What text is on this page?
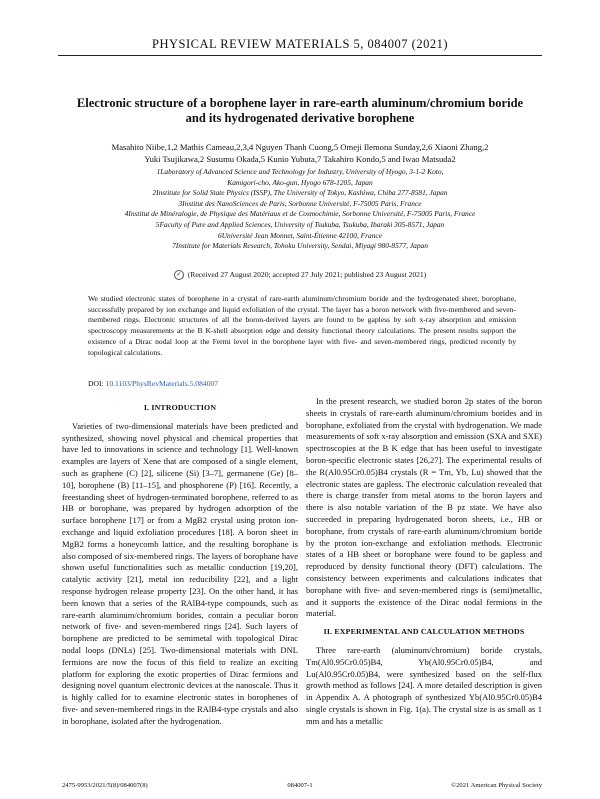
PHYSICAL REVIEW MATERIALS 5, 084007 (2021)
Electronic structure of a borophene layer in rare-earth aluminum/chromium boride
and its hydrogenated derivative borophene
Masahito Niibe,1,2 Mathis Cameau,2,3,4 Nguyen Thanh Cuong,5 Omeji Ilemona Sunday,2,6 Xiaoni Zhang,2
Yuki Tsujikawa,2 Susumu Okada,5 Kunio Yubuta,7 Takahiro Kondo,5 and Iwao Matsuda2
1Laboratory of Advanced Science and Technology for Industry, University of Hyogo, 3-1-2 Koto,
Kamigori-cho, Ako-gun, Hyogo 678-1205, Japan
2Institute for Solid State Physics (ISSP), The University of Tokyo, Kashiwa, Chiba 277-8581, Japan
3Institut des NanoSciences de Paris, Sorbonne Université, F-75005 Paris, France
4Institut de Minéralogie, de Physique des Matériaux et de Cosmochimie, Sorbonne Université, F-75005 Paris, France
5Faculty of Pure and Applied Sciences, University of Tsukuba, Tsukuba, Ibaraki 305-8571, Japan
6Université Jean Monnet, Saint-Étienne 42100, France
7Institute for Materials Research, Tohoku University, Sendai, Miyagi 980-8577, Japan
✓ (Received 27 August 2020; accepted 27 July 2021; published 23 August 2021)
We studied electronic states of borophene in a crystal of rare-earth aluminum/chromium boride and the hydrogenated sheet, borophane, successfully prepared by ion exchange and liquid exfoliation of the crystal. The layer has a boron network with five-membered and seven-membered rings. Electronic structures of all the boron-derived layers are found to be gapless by soft x-ray absorption and emission spectroscopy measurements at the B K-shell absorption edge and density functional theory calculations. The present results support the existence of a Dirac nodal loop at the Fermi level in the borophene layer with five- and seven-membered rings, predicted recently by topological calculations.
DOI: 10.1103/PhysRevMaterials.5.084007
I. INTRODUCTION

Varieties of two-dimensional materials have been predicted and synthesized, showing novel physical and chemical properties that have led to innovations in science and technology [1]. Well-known examples are layers of Xene that are composed of a single element, such as graphene (C) [2], silicene (Si) [3–7], germanene (Ge) [8–10], borophene (B) [11–15], and phosphorene (P) [16]. Recently, a freestanding sheet of hydrogen-terminated borophene, referred to as HB or borophane, was prepared by hydrogen adsorption of the surface borophene [17] or from a MgB2 crystal using proton ion-exchange and liquid exfoliation procedures [18]. A boron sheet in MgB2 forms a honeycomb lattice, and the resulting borophane is also composed of six-membered rings. The layers of borophane have shown useful functionalities such as metallic conduction [19,20], catalytic activity [21], metal ion reducibility [22], and a light response hydrogen release property [23]. On the other hand, it has been known that a series of the RAlB4-type compounds, such as rare-earth aluminum/chromium borides, contain a peculiar boron network of five- and seven-membered rings [24]. Such layers of borophene are predicted to be semimetal with topological Dirac nodal loops (DNLs) [25]. Two-dimensional materials with DNL fermions are now the focus of this field to realize an exciting platform for exploring the exotic properties of Dirac fermions and designing novel quantum electronic devices at the nanoscale. Thus it is highly called for to examine electronic states in borophenes of five- and seven-membered rings in the RAlB4-type crystals and also in borophane, isolated after the hydrogenation.

In the present research, we studied boron 2p states of the boron sheets in crystals of rare-earth aluminum/chromium borides and in borophane, exfoliated from the crystal with hydrogenation. We made measurements of soft x-ray absorption and emission (SXA and SXE) spectroscopies at the B K edge that has been useful to investigate boron-specific electronic states [26,27]. The experimental results of the R(Al0.95Cr0.05)B4 crystals (R = Tm, Yb, Lu) showed that the electronic states are gapless. The electronic calculation revealed that there is charge transfer from metal atoms to the boron layers and there is also notable variation of the B pz state. We have also succeeded in preparing hydrogenated boron sheets, i.e., HB or borophane, from crystals of rare-earth aluminum/chromium boride by the proton ion-exchange and exfoliation methods. Electronic states of a HB sheet or borophane were found to be gapless and reproduced by density functional theory (DFT) calculations. The consistency between experiments and calculations indicates that borophane with five- and seven-membered rings is (semi)metallic, and it supports the existence of the Dirac nodal fermions in the material.

II. EXPERIMENTAL AND CALCULATION METHODS

Three rare-earth (aluminum/chromium) boride crystals, Tm(Al0.95Cr0.05)B4, Yb(Al0.95Cr0.05)B4, and Lu(Al0.95Cr0.05)B4, were synthesized based on the self-flux growth method as follows [24]. A more detailed description is given in Appendix A. A photograph of synthesized Yb(Al0.95Cr0.05)B4 single crystals is shown in Fig. 1(a). The crystal size is as small as 1 mm and has a metallic

2475-9953/2021/5(8)/084007(8)	084007-1	©2021 American Physical Society
